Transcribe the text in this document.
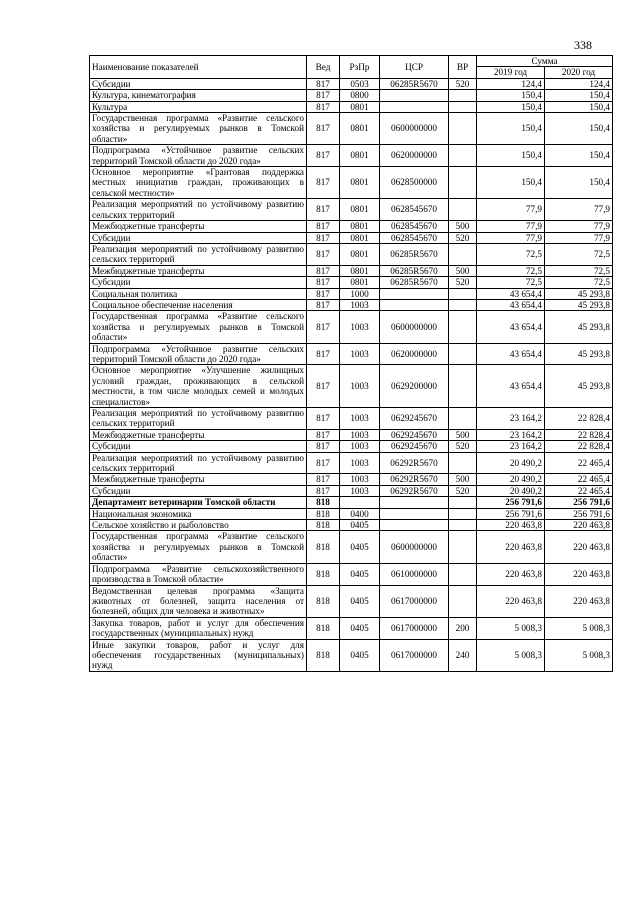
338
Наименование показателей	Вед	РзПр	ЦСР	ВР	Сумма	
					2019 год	2020 год
Субсидии	817	0503	06285R5670	520	124,4	124,4
Культура, кинематография	817	0800			150,4	150,4
Культура	817	0801			150,4	150,4
Государственная программа «Развитие сельского хозяйства и регулируемых рынков в Томской области»	817	0801	0600000000		150,4	150,4
Подпрограмма «Устойчивое развитие сельских территорий Томской области до 2020 года»	817	0801	0620000000		150,4	150,4
Основное мероприятие «Грантовая поддержка местных инициатив граждан, проживающих в сельской местности»	817	0801	0628500000		150,4	150,4
Реализация мероприятий по устойчивому развитию сельских территорий	817	0801	0628545670		77,9	77,9
Межбюджетные трансферты	817	0801	0628545670	500	77,9	77,9
Субсидии	817	0801	0628545670	520	77,9	77,9
Реализация мероприятий по устойчивому развитию сельских территорий	817	0801	06285R5670		72,5	72,5
Межбюджетные трансферты	817	0801	06285R5670	500	72,5	72,5
Субсидии	817	0801	06285R5670	520	72,5	72,5
Социальная политика	817	1000			43 654,4	45 293,8
Социальное обеспечение населения	817	1003			43 654,4	45 293,8
Государственная программа «Развитие сельского хозяйства и регулируемых рынков в Томской области»	817	1003	0600000000		43 654,4	45 293,8
Подпрограмма «Устойчивое развитие сельских территорий Томской области до 2020 года»	817	1003	0620000000		43 654,4	45 293,8
Основное мероприятие «Улучшение жилищных условий граждан, проживающих в сельской местности, в том числе молодых семей и молодых специалистов»	817	1003	0629200000		43 654,4	45 293,8
Реализация мероприятий по устойчивому развитию сельских территорий	817	1003	0629245670		23 164,2	22 828,4
Межбюджетные трансферты	817	1003	0629245670	500	23 164,2	22 828,4
Субсидии	817	1003	0629245670	520	23 164,2	22 828,4
Реализация мероприятий по устойчивому развитию сельских территорий	817	1003	06292R5670		20 490,2	22 465,4
Межбюджетные трансферты	817	1003	06292R5670	500	20 490,2	22 465,4
Субсидии	817	1003	06292R5670	520	20 490,2	22 465,4
Департамент ветеринарии Томской области	818				256 791,6	256 791,6
Национальная экономика	818	0400			256 791,6	256 791,6
Сельское хозяйство и рыболовство	818	0405			220 463,8	220 463,8
Государственная программа «Развитие сельского хозяйства и регулируемых рынков в Томской области»	818	0405	0600000000		220 463,8	220 463,8
Подпрограмма «Развитие сельскохозяйственного производства в Томской области»	818	0405	0610000000		220 463,8	220 463,8
Ведомственная целевая программа «Защита животных от болезней, защита населения от болезней, общих для человека и животных»	818	0405	0617000000		220 463,8	220 463,8
Закупка товаров, работ и услуг для обеспечения государственных (муниципальных) нужд	818	0405	0617000000	200	5 008,3	5 008,3
Иные закупки товаров, работ и услуг для обеспечения государственных (муниципальных) нужд	818	0405	0617000000	240	5 008,3	5 008,3
